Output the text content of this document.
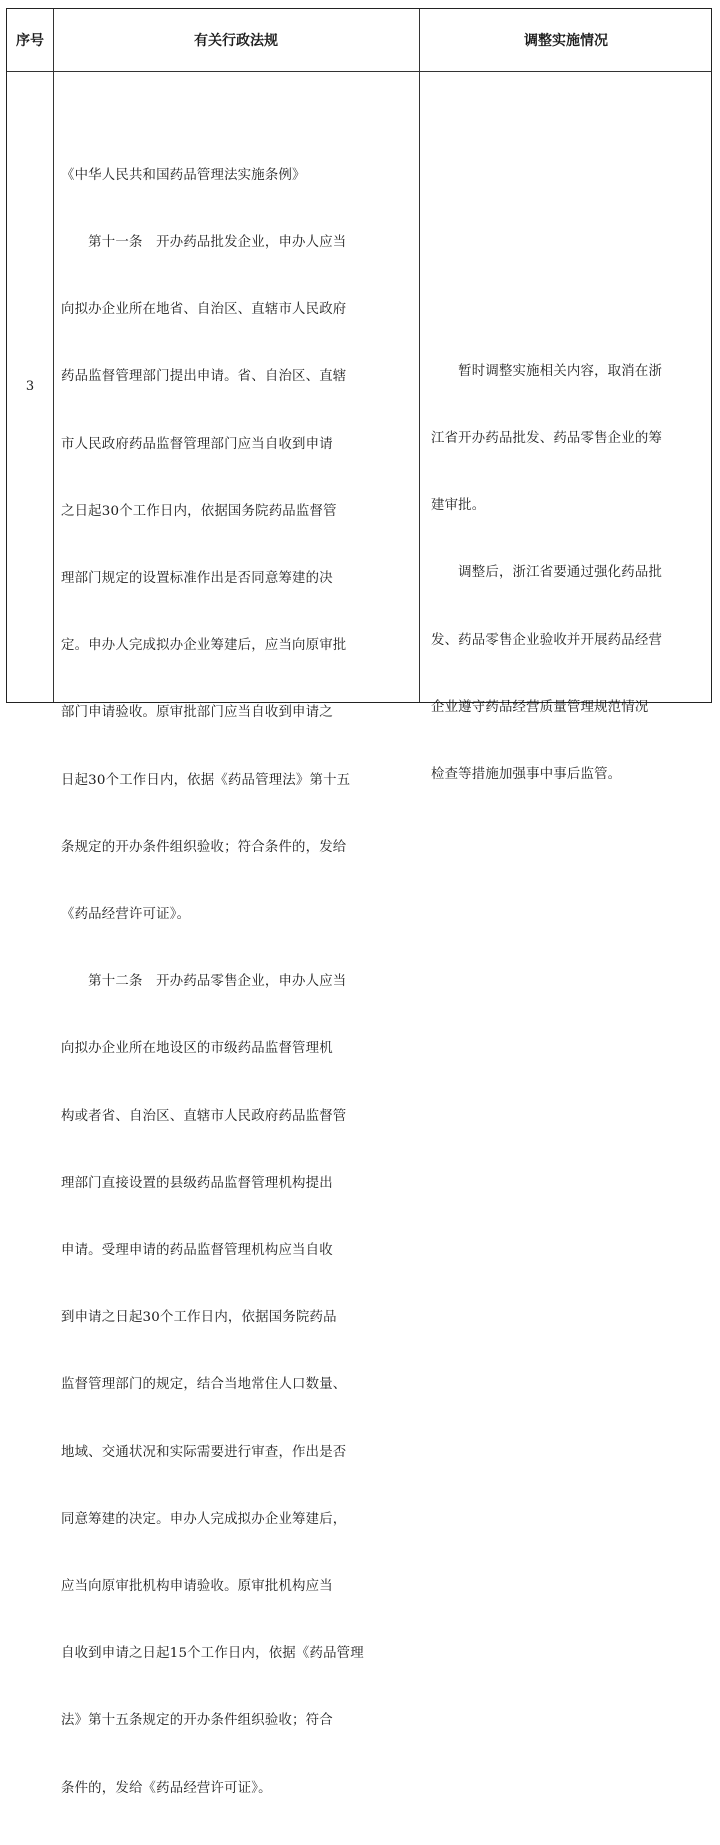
序号	有关行政法规	调整实施情况
3

《中华人民共和国药品管理法实施条例》

　　第十一条　开办药品批发企业，申办人应当

向拟办企业所在地省、自治区、直辖市人民政府

药品监督管理部门提出申请。省、自治区、直辖

市人民政府药品监督管理部门应当自收到申请

之日起30个工作日内，依据国务院药品监督管

理部门规定的设置标准作出是否同意筹建的决

定。申办人完成拟办企业筹建后，应当向原审批

部门申请验收。原审批部门应当自收到申请之

日起30个工作日内，依据《药品管理法》第十五

条规定的开办条件组织验收；符合条件的，发给

《药品经营许可证》。

　　第十二条　开办药品零售企业，申办人应当

向拟办企业所在地设区的市级药品监督管理机

构或者省、自治区、直辖市人民政府药品监督管

理部门直接设置的县级药品监督管理机构提出

申请。受理申请的药品监督管理机构应当自收

到申请之日起30个工作日内，依据国务院药品

监督管理部门的规定，结合当地常住人口数量、

地域、交通状况和实际需要进行审查，作出是否

同意筹建的决定。申办人完成拟办企业筹建后，

应当向原审批机构申请验收。原审批机构应当

自收到申请之日起15个工作日内，依据《药品管理

法》第十五条规定的开办条件组织验收；符合

条件的，发给《药品经营许可证》。

　　暂时调整实施相关内容，取消在浙

江省开办药品批发、药品零售企业的筹

建审批。

　　调整后，浙江省要通过强化药品批

发、药品零售企业验收并开展药品经营

企业遵守药品经营质量管理规范情况

检查等措施加强事中事后监管。
